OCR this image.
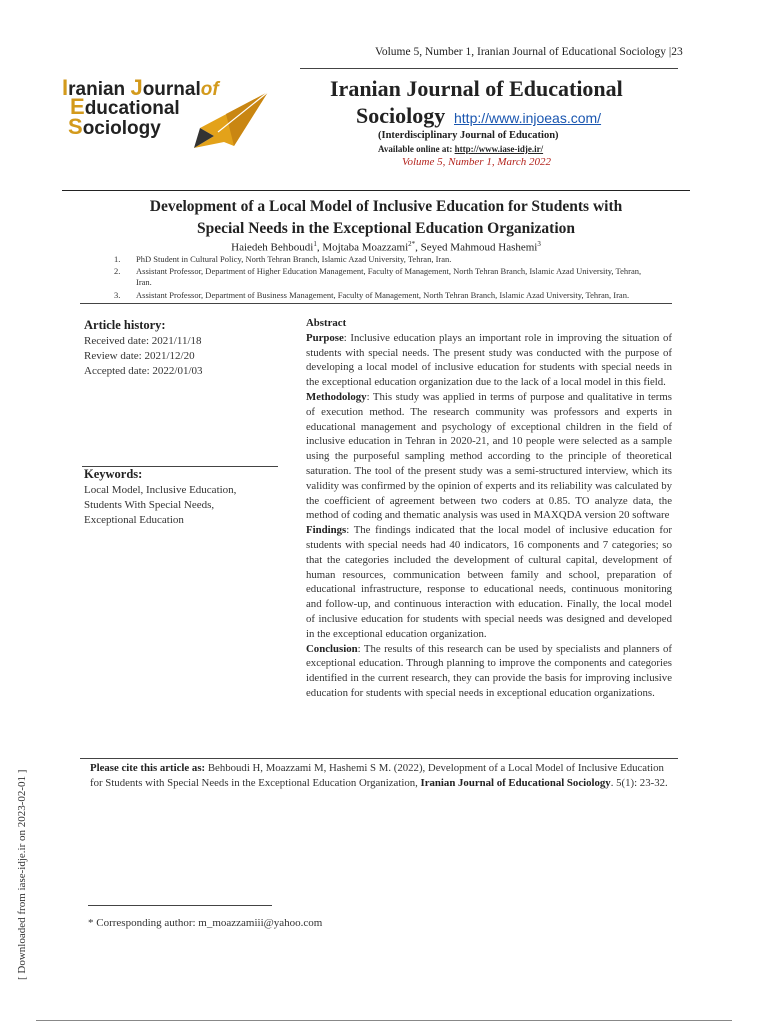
Volume 5, Number 1, Iranian Journal of Educational Sociology |23
Iranian Journalof
Educational
Sociology
Iranian Journal of Educational
Sociology http://www.injoeas.com/
(Interdisciplinary Journal of Education)
Available online at: http://www.iase-idje.ir/
Volume 5, Number 1, March 2022
Development of a Local Model of Inclusive Education for Students with
Special Needs in the Exceptional Education Organization
Haiedeh Behboudi$^1$, Mojtaba Moazzami$^{2*}$, Seyed Mahmoud Hashemi$^3$
1. PhD Student in Cultural Policy, North Tehran Branch, Islamic Azad University, Tehran, Iran.
2. Assistant Professor, Department of Higher Education Management, Faculty of Management, North Tehran Branch, Islamic Azad University, Tehran,
Iran.
3. Assistant Professor, Department of Business Management, Faculty of Management, North Tehran Branch, Islamic Azad University, Tehran, Iran.
Article history:
Received date: 2021/11/18
Review date: 2021/12/20
Accepted date: 2022/01/03
Keywords:
Local Model, Inclusive Education,
Students With Special Needs,
Exceptional Education

Abstract

Purpose: Inclusive education plays an important role in improving the situation of students with special needs. The present study was conducted with the purpose of developing a local model of inclusive education for students with special needs in the exceptional education organization due to the lack of a local model in this field.

Methodology: This study was applied in terms of purpose and qualitative in terms of execution method. The research community was professors and experts in educational management and psychology of exceptional children in the field of inclusive education in Tehran in 2020-21, and 10 people were selected as a sample using the purposeful sampling method according to the principle of theoretical saturation. The tool of the present study was a semi-structured interview, which its validity was confirmed by the opinion of experts and its reliability was calculated by the coefficient of agreement between two coders at 0.85. TO analyze data, the method of coding and thematic analysis was used in MAXQDA version 20 software

Findings: The findings indicated that the local model of inclusive education for students with special needs had 40 indicators, 16 components and 7 categories; so that the categories included the development of cultural capital, development of human resources, communication between family and school, preparation of educational infrastructure, response to educational needs, continuous monitoring and follow-up, and continuous interaction with education. Finally, the local model of inclusive education for students with special needs was designed and developed in the exceptional education organization.

Conclusion: The results of this research can be used by specialists and planners of exceptional education. Through planning to improve the components and categories identified in the current research, they can provide the basis for improving inclusive education for students with special needs in exceptional education organizations.

Please cite this article as: Behboudi H, Moazzami M, Hashemi S M. (2022), Development of a Local Model of Inclusive Education for Students with Special Needs in the Exceptional Education Organization, Iranian Journal of Educational Sociology. 5(1): 23-32.
* Corresponding author: m_moazzamiii@yahoo.com
[ Downloaded from iase-idje.ir on 2023-02-01 ]
